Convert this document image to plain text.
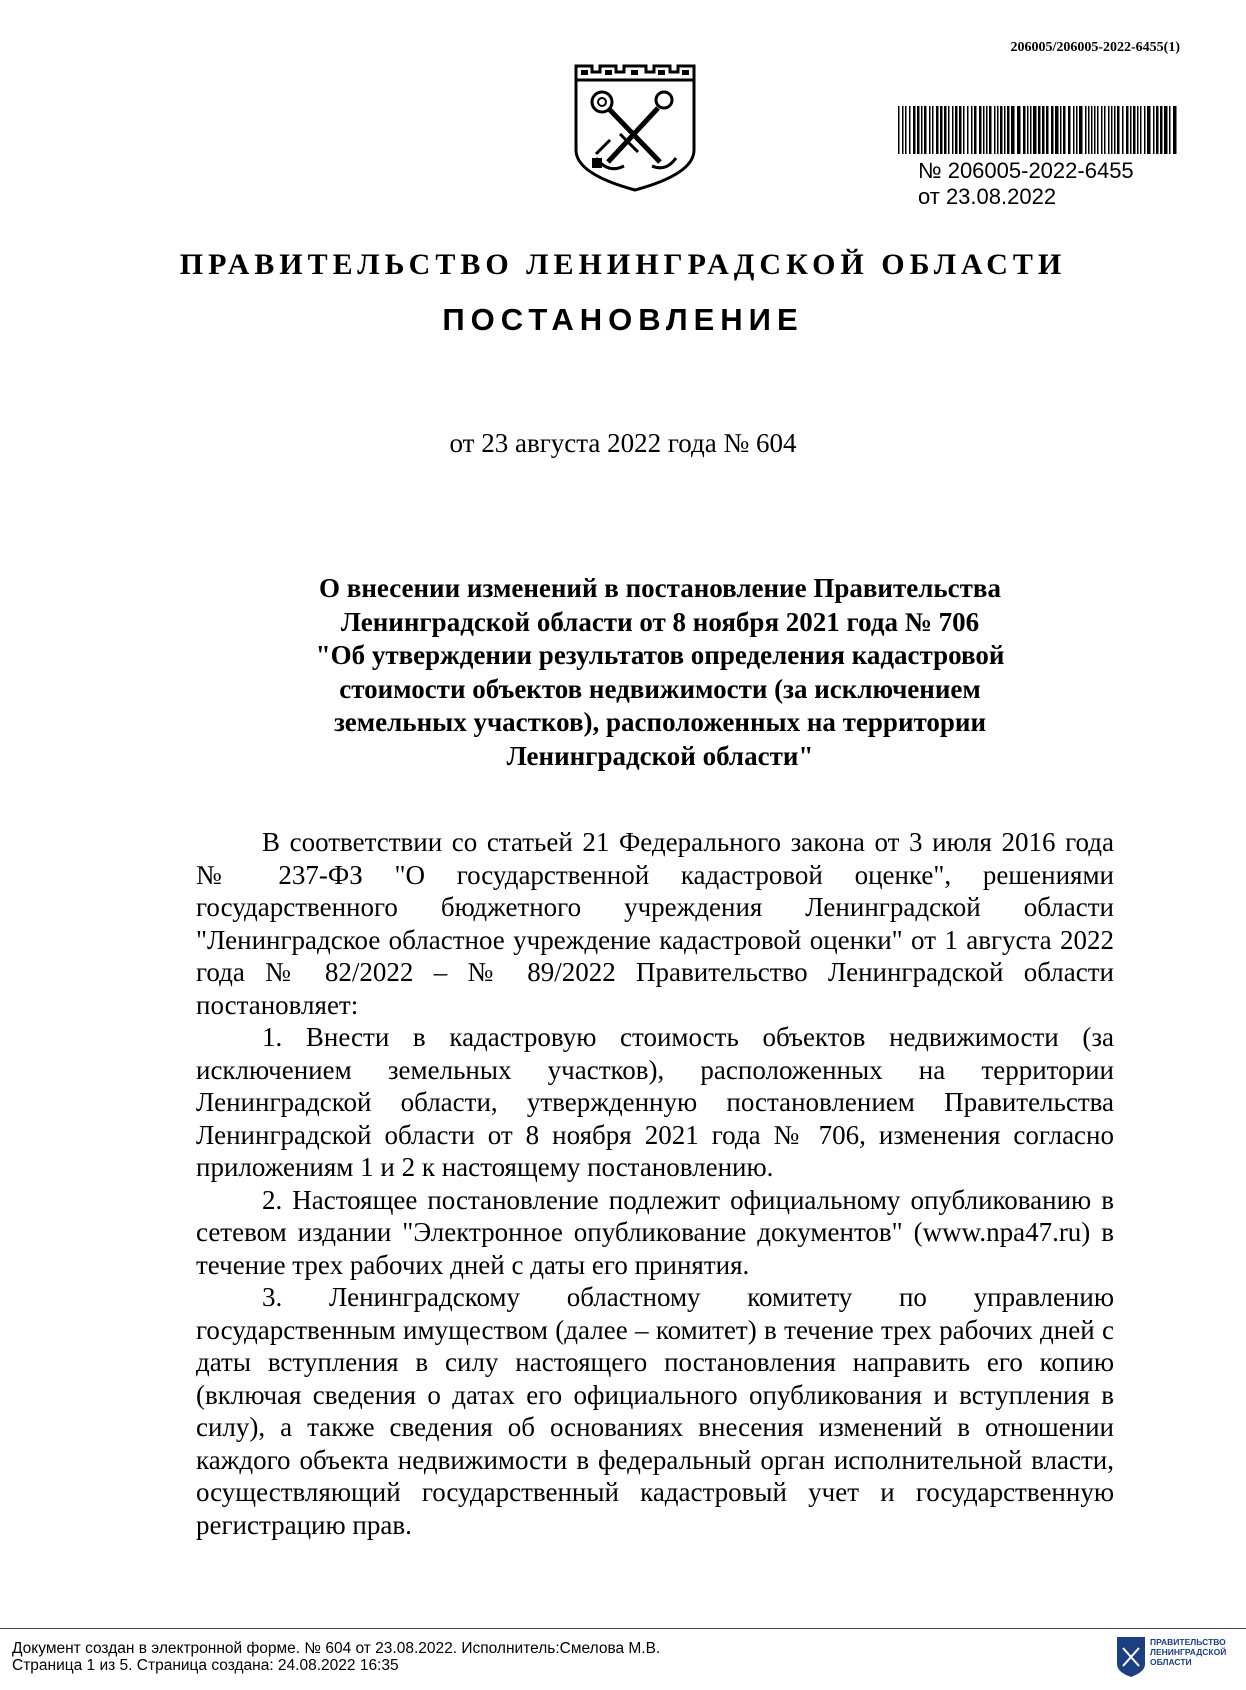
206005/206005-2022-6455(1)
№ 206005-2022-6455
от 23.08.2022
ПРАВИТЕЛЬСТВО ЛЕНИНГРАДСКОЙ ОБЛАСТИ
ПОСТАНОВЛЕНИЕ
от 23 августа 2022 года № 604
О внесении изменений в постановление Правительства
Ленинградской области от 8 ноября 2021 года № 706
"Об утверждении результатов определения кадастровой
стоимости объектов недвижимости (за исключением
земельных участков), расположенных на территории
Ленинградской области"

В соответствии со статьей 21 Федерального закона от 3 июля 2016 года № 237-ФЗ "О государственной кадастровой оценке", решениями государственного бюджетного учреждения Ленинградской области "Ленинградское областное учреждение кадастровой оценки" от 1 августа 2022 года № 82/2022 – № 89/2022 Правительство Ленинградской области постановляет:

1. Внести в кадастровую стоимость объектов недвижимости (за исключением земельных участков), расположенных на территории Ленинградской области, утвержденную постановлением Правительства Ленинградской области от 8 ноября 2021 года № 706, изменения согласно приложениям 1 и 2 к настоящему постановлению.

2. Настоящее постановление подлежит официальному опубликованию в сетевом издании "Электронное опубликование документов" (www.npa47.ru) в течение трех рабочих дней с даты его принятия.

3. Ленинградскому областному комитету по управлению государственным имуществом (далее – комитет) в течение трех рабочих дней с даты вступления в силу настоящего постановления направить его копию (включая сведения о датах его официального опубликования и вступления в силу), а также сведения об основаниях внесения изменений в отношении каждого объекта недвижимости в федеральный орган исполнительной власти, осуществляющий государственный кадастровый учет и государственную регистрацию прав.

Документ создан в электронной форме. № 604 от 23.08.2022. Исполнитель:Смелова М.В.
Страница 1 из 5. Страница создана: 24.08.2022 16:35
ПРАВИТЕЛЬСТВО
ЛЕНИНГРАДСКОЙ
ОБЛАСТИ
